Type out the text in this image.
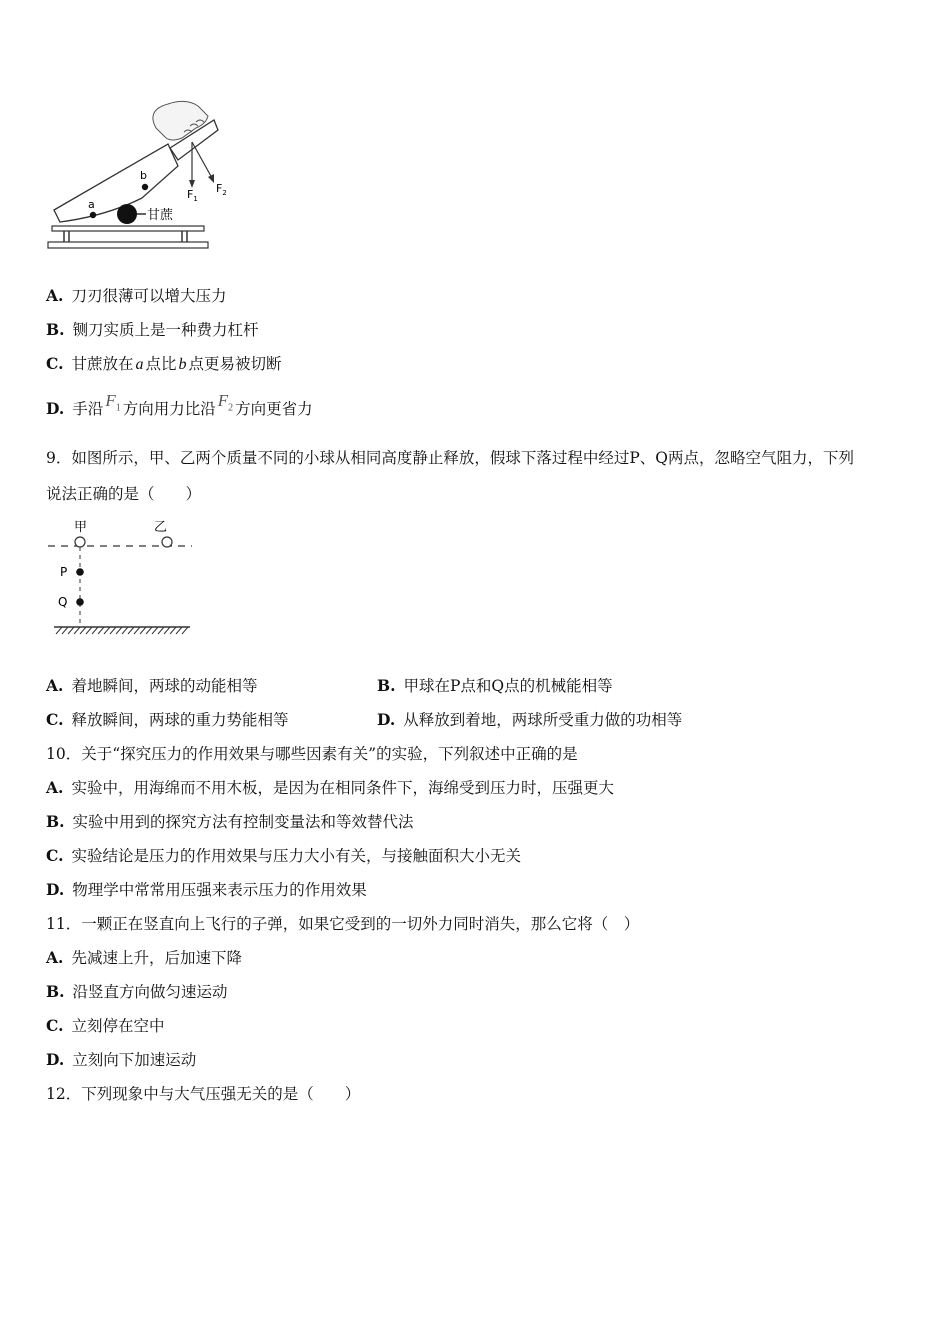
a
b
甘蔗
$F_1$
$F_2$
A. 刀刃很薄可以增大压力
B. 铡刀实质上是一种费力杠杆
C. 甘蔗放在 a 点比 b 点更易被切断
D. 手沿 $F_1$ 方向用力比沿 $F_2$ 方向更省力
9．如图所示，甲、乙两个质量不同的小球从相同高度静止释放，假球下落过程中经过P、Q两点，忽略空气阻力，下列
说法正确的是（　　）
甲	乙
P
Q
A. 着地瞬间，两球的动能相等	B. 甲球在P点和Q点的机械能相等
C. 释放瞬间，两球的重力势能相等	D. 从释放到着地，两球所受重力做的功相等
10．关于“探究压力的作用效果与哪些因素有关”的实验，下列叙述中正确的是
A. 实验中，用海绵而不用木板，是因为在相同条件下，海绵受到压力时，压强更大
B. 实验中用到的探究方法有控制变量法和等效替代法
C. 实验结论是压力的作用效果与压力大小有关，与接触面积大小无关
D. 物理学中常常用压强来表示压力的作用效果
11．一颗正在竖直向上飞行的子弹，如果它受到的一切外力同时消失，那么它将（　）
A. 先减速上升，后加速下降
B. 沿竖直方向做匀速运动
C. 立刻停在空中
D. 立刻向下加速运动
12．下列现象中与大气压强无关的是（　　）
